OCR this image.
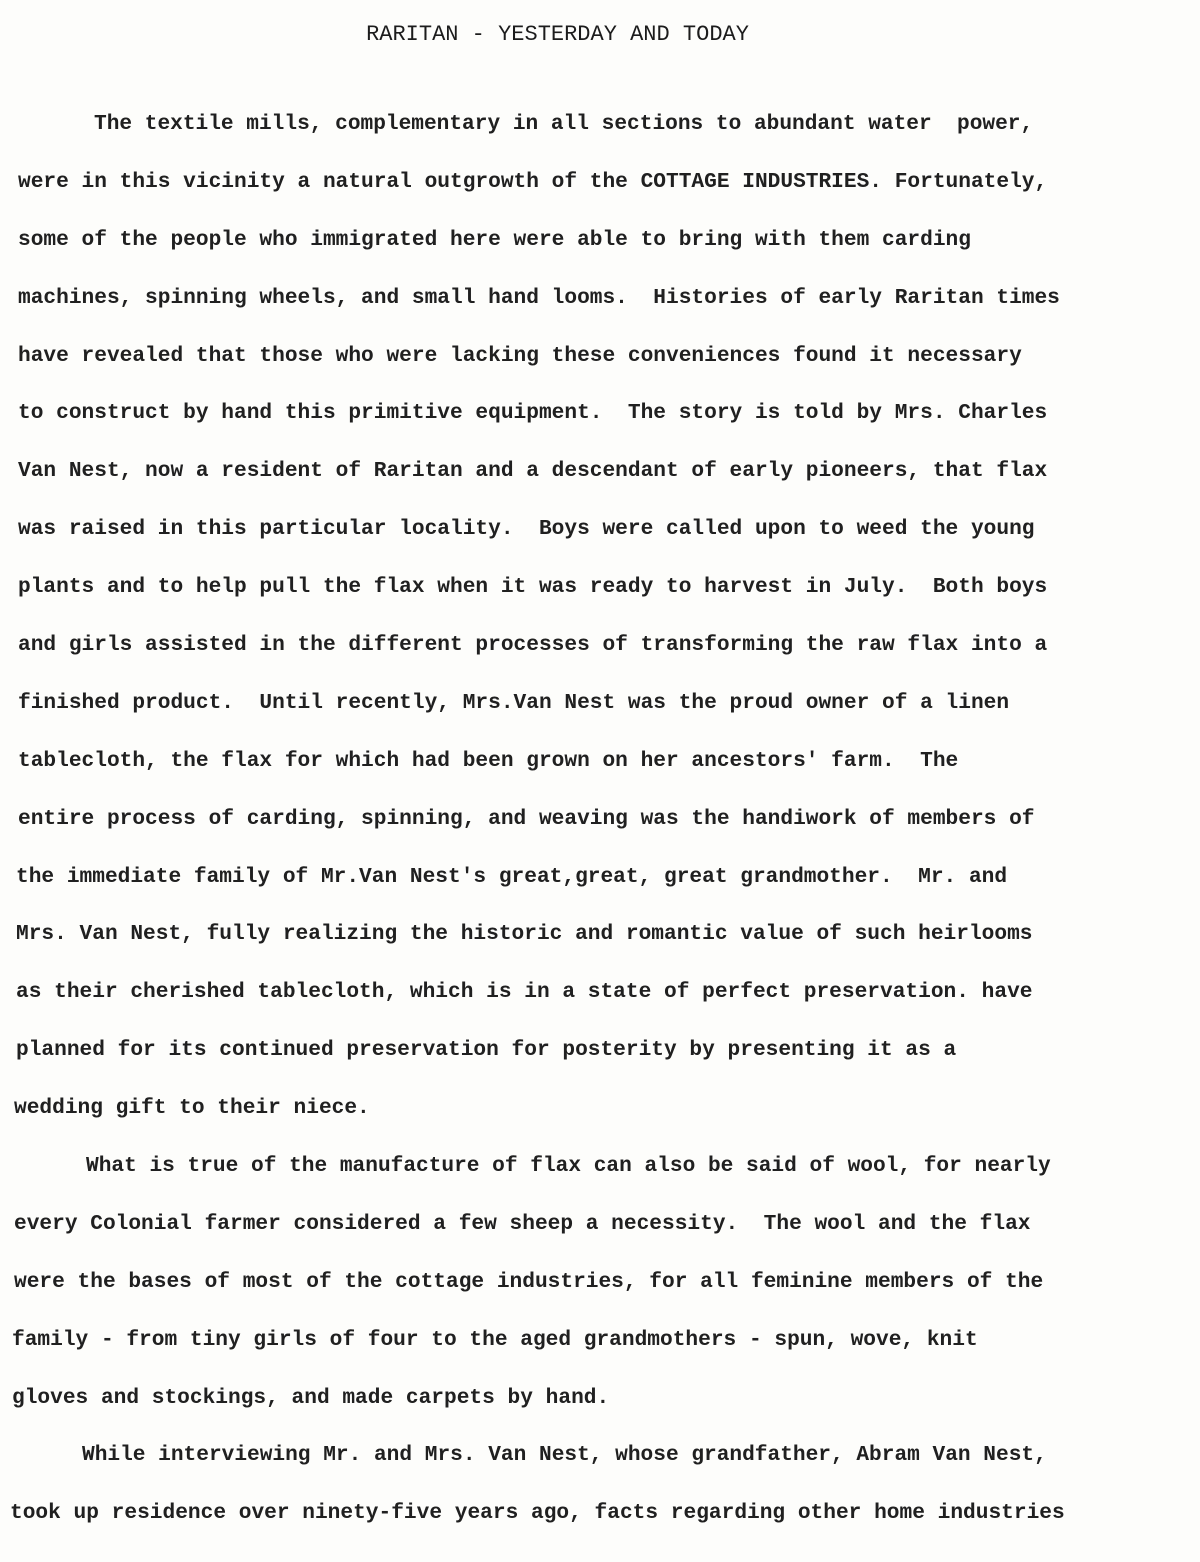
RARITAN - YESTERDAY AND TODAY
The textile mills, complementary in all sections to abundant water  power,
were in this vicinity a natural outgrowth of the COTTAGE INDUSTRIES. Fortunately,
some of the people who immigrated here were able to bring with them carding
machines, spinning wheels, and small hand looms.  Histories of early Raritan times
have revealed that those who were lacking these conveniences found it necessary
to construct by hand this primitive equipment.  The story is told by Mrs. Charles
Van Nest, now a resident of Raritan and a descendant of early pioneers, that flax
was raised in this particular locality.  Boys were called upon to weed the young
plants and to help pull the flax when it was ready to harvest in July.  Both boys
and girls assisted in the different processes of transforming the raw flax into a
finished product.  Until recently, Mrs.Van Nest was the proud owner of a linen
tablecloth, the flax for which had been grown on her ancestors' farm.  The
entire process of carding, spinning, and weaving was the handiwork of members of
the immediate family of Mr.Van Nest's great,great, great grandmother.  Mr. and
Mrs. Van Nest, fully realizing the historic and romantic value of such heirlooms
as their cherished tablecloth, which is in a state of perfect preservation. have
planned for its continued preservation for posterity by presenting it as a
wedding gift to their niece.
What is true of the manufacture of flax can also be said of wool, for nearly
every Colonial farmer considered a few sheep a necessity.  The wool and the flax
were the bases of most of the cottage industries, for all feminine members of the
family - from tiny girls of four to the aged grandmothers - spun, wove, knit
gloves and stockings, and made carpets by hand.
While interviewing Mr. and Mrs. Van Nest, whose grandfather, Abram Van Nest,
took up residence over ninety-five years ago, facts regarding other home industries
